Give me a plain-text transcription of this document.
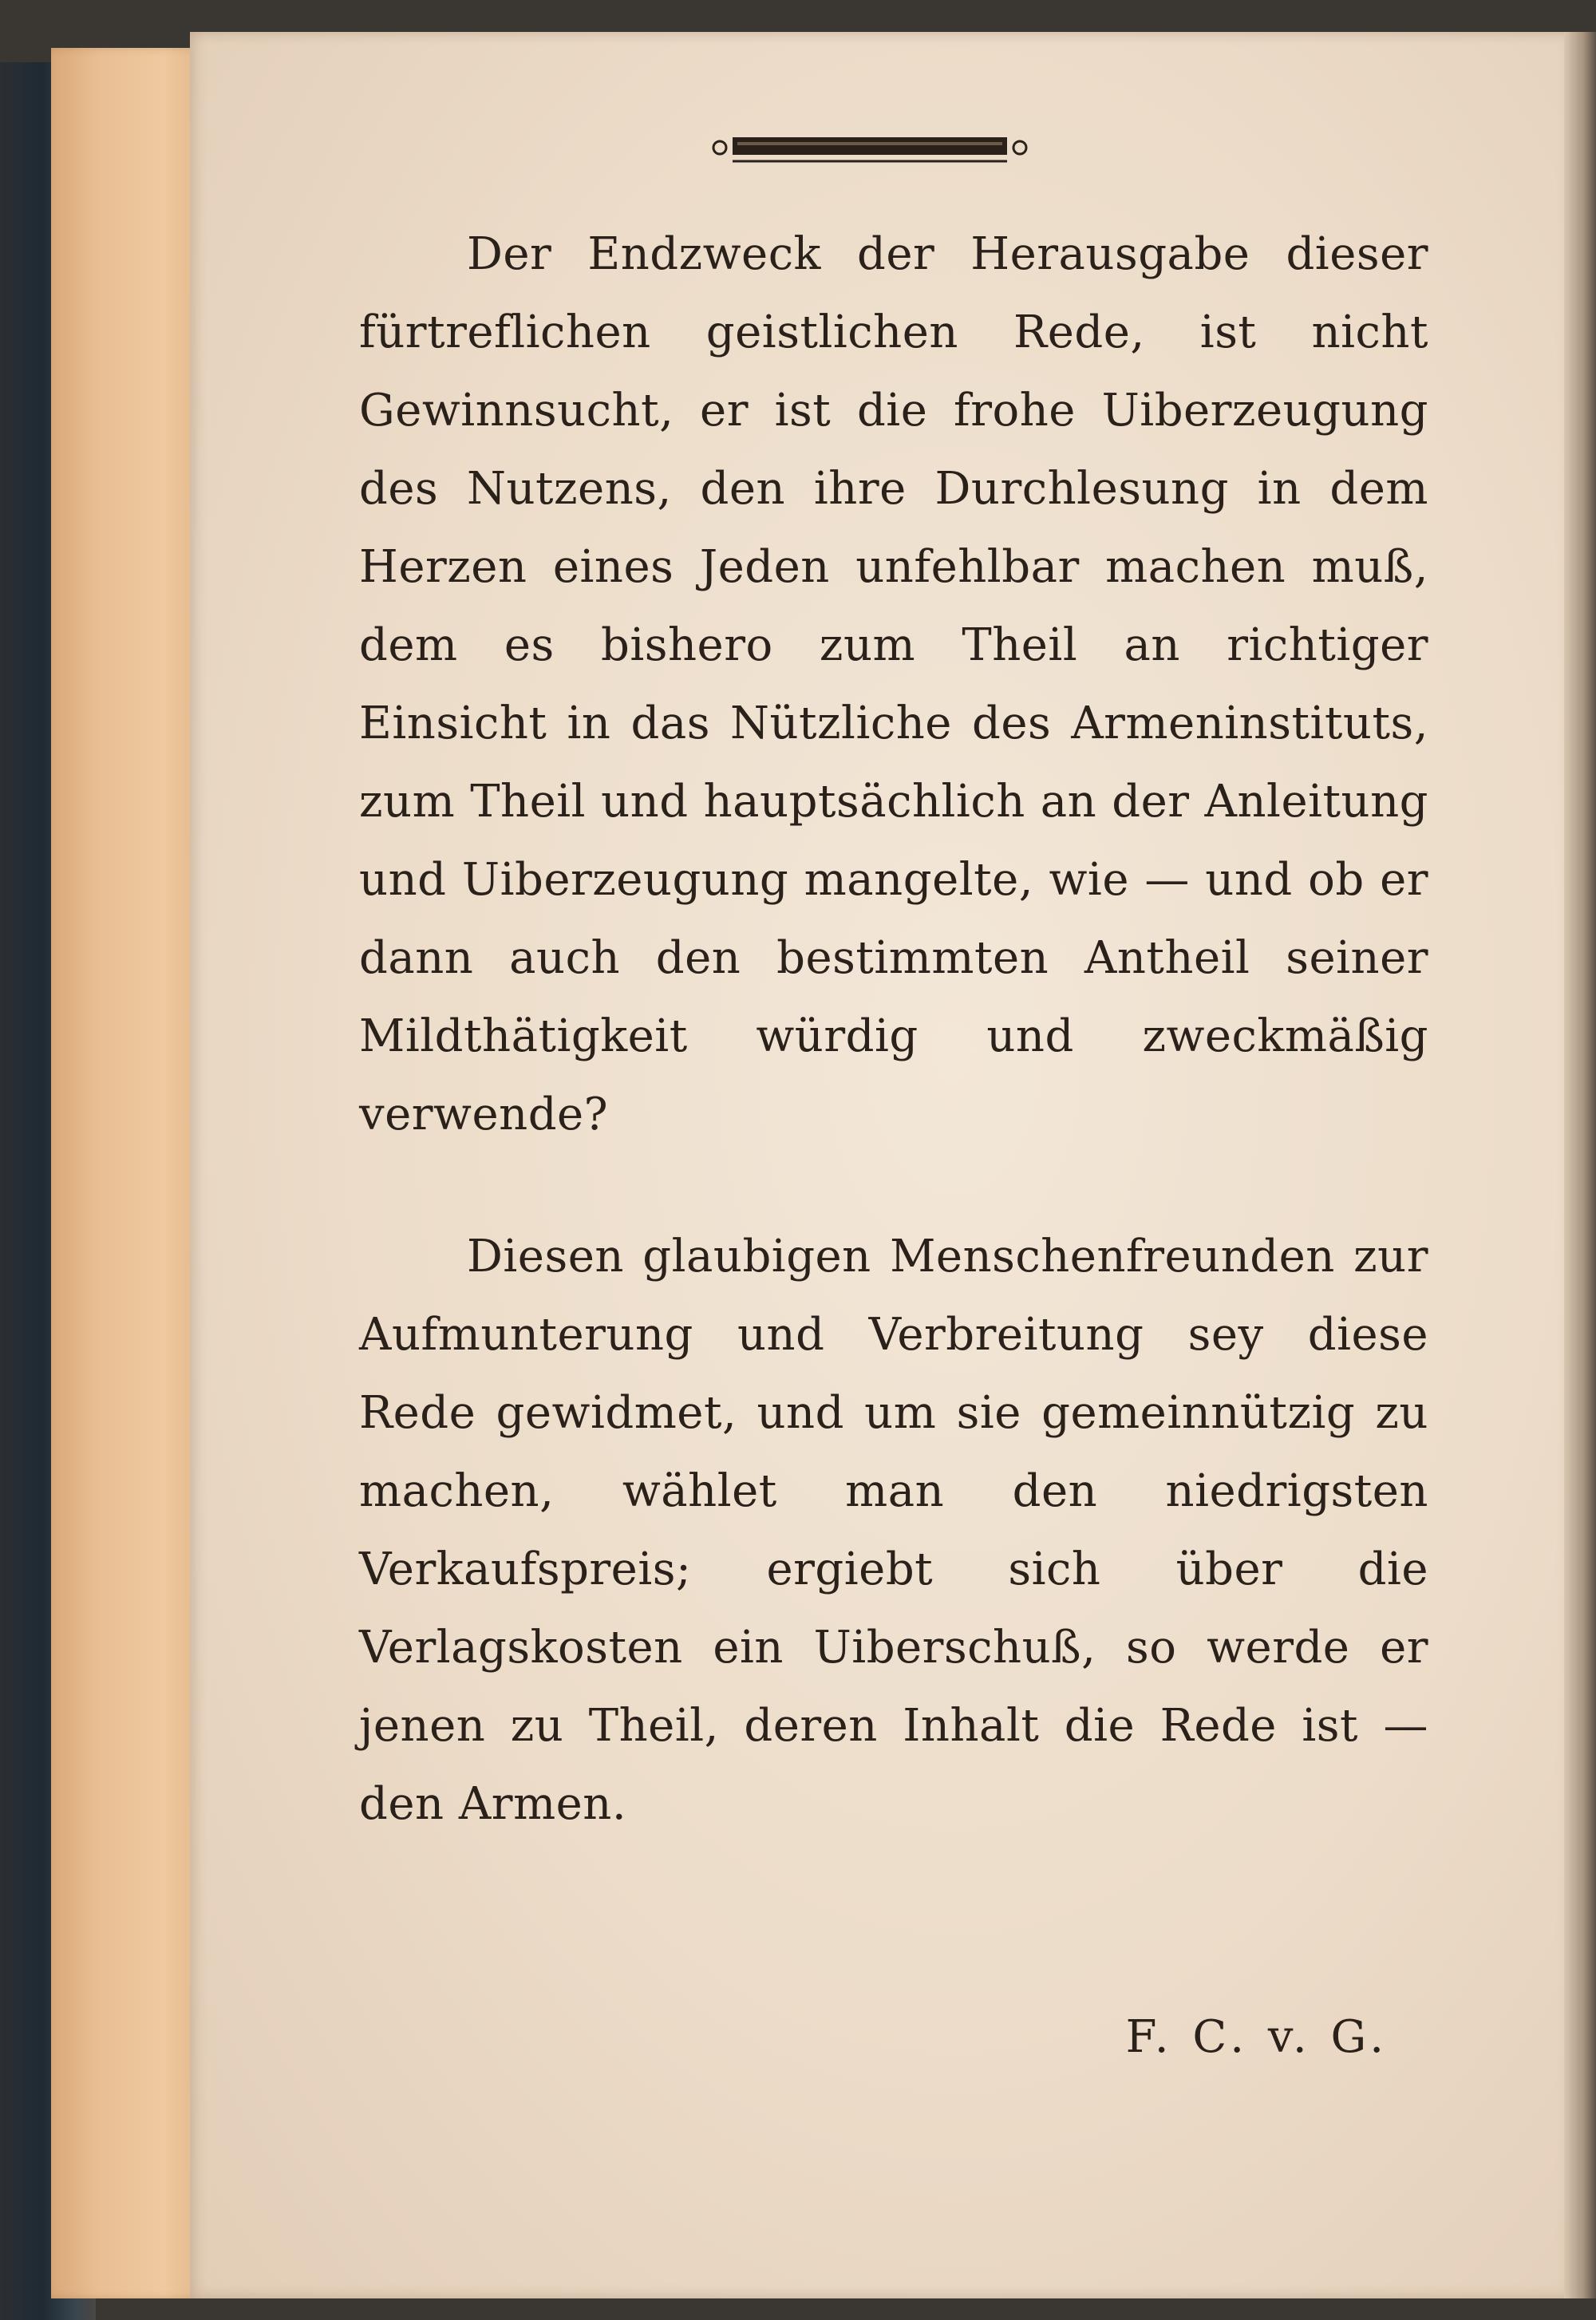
Der Endzweck der Herausgabe dieser fürtreflichen geistlichen Rede, ist nicht Gewinnsucht, er ist die frohe Uiberzeugung des Nutzens, den ihre Durchlesung in dem Herzen eines Jeden unfehlbar machen muß, dem es bishero zum Theil an richtiger Einsicht in das Nützliche des Armeninstituts, zum Theil und hauptsächlich an der Anleitung und Uiberzeugung mangelte, wie — und ob er dann auch den bestimmten Antheil seiner Mildthätigkeit würdig und zweckmäßig verwende?

Diesen glaubigen Menschenfreunden zur Aufmunterung und Verbreitung sey diese Rede gewidmet, und um sie gemeinnützig zu machen, wählet man den niedrigsten Verkaufspreis; ergiebt sich über die Verlagskosten ein Uiberschuß, so werde er jenen zu Theil, deren Inhalt die Rede ist — den Armen.

F. C. v. G.
